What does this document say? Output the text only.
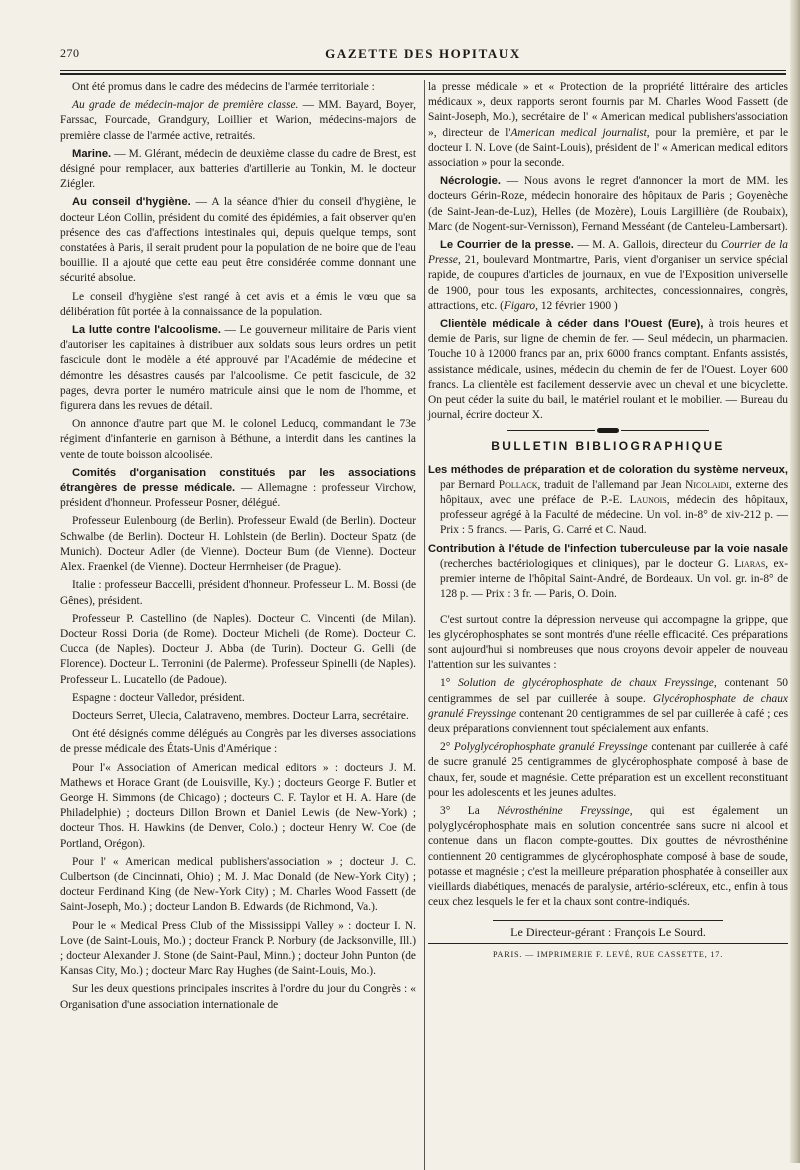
270	GAZETTE DES HOPITAUX

Ont été promus dans le cadre des médecins de l'armée territoriale :

Au grade de médecin-major de première classe. — MM. Bayard, Boyer, Farssac, Fourcade, Grandgury, Loillier et Warion, médecins-majors de première classe de l'armée active, retraités.

Marine. — M. Glérant, médecin de deuxième classe du cadre de Brest, est désigné pour remplacer, aux batteries d'artillerie au Tonkin, M. le docteur Ziégler.

Au conseil d'hygiène. — A la séance d'hier du conseil d'hygiène, le docteur Léon Collin, président du comité des épidémies, a fait observer qu'en présence des cas d'affections intestinales qui, depuis quelque temps, sont constatées à Paris, il serait prudent pour la population de ne boire que de l'eau bouillie. Il a ajouté que cette eau peut être considérée comme donnant une sécurité absolue.

Le conseil d'hygiène s'est rangé à cet avis et a émis le vœu que sa délibération fût portée à la connaissance de la population.

La lutte contre l'alcoolisme. — Le gouverneur militaire de Paris vient d'autoriser les capitaines à distribuer aux soldats sous leurs ordres un petit fascicule dont le modèle a été approuvé par l'Académie de médecine et démontre les désastres causés par l'alcoolisme. Ce petit fascicule, de 32 pages, devra porter le numéro matricule ainsi que le nom de l'homme, et figurera dans les revues de détail.

On annonce d'autre part que M. le colonel Leducq, commandant le 73e régiment d'infanterie en garnison à Béthune, a interdit dans les cantines la vente de toute boisson alcoolisée.

Comités d'organisation constitués par les associations étrangères de presse médicale. — Allemagne : professeur Virchow, président d'honneur. Professeur Posner, délégué.

Professeur Eulenbourg (de Berlin). Professeur Ewald (de Berlin). Docteur Schwalbe (de Berlin). Docteur H. Lohlstein (de Berlin). Docteur Spatz (de Munich). Docteur Adler (de Vienne). Docteur Bum (de Vienne). Docteur Alex. Fraenkel (de Vienne). Docteur Herrnheiser (de Prague).

Italie : professeur Baccelli, président d'honneur. Professeur L. M. Bossi (de Gênes), président.

Professeur P. Castellino (de Naples). Docteur C. Vincenti (de Milan). Docteur Rossi Doria (de Rome). Docteur Micheli (de Rome). Docteur C. Cucca (de Naples). Docteur J. Abba (de Turin). Docteur G. Gelli (de Florence). Docteur L. Terronini (de Palerme). Professeur Spinelli (de Naples). Professeur L. Lucatello (de Padoue).

Espagne : docteur Valledor, président.

Docteurs Serret, Ulecia, Calatraveno, membres. Docteur Larra, secrétaire.

Ont été désignés comme délégués au Congrès par les diverses associations de presse médicale des États-Unis d'Amérique :

Pour l'« Association of American medical editors » : docteurs J. M. Mathews et Horace Grant (de Louisville, Ky.) ; docteurs George F. Butler et George H. Simmons (de Chicago) ; docteurs C. F. Taylor et H. A. Hare (de Philadelphie) ; docteurs Dillon Brown et Daniel Lewis (de New-York) ; docteur Thos. H. Hawkins (de Denver, Colo.) ; docteur Henry W. Coe (de Portland, Orégon).

Pour l' « American medical publishers'association » ; docteur J. C. Culbertson (de Cincinnati, Ohio) ; M. J. Mac Donald (de New-York City) ; docteur Ferdinand King (de New-York City) ; M. Charles Wood Fassett (de Saint-Joseph, Mo.) ; docteur Landon B. Edwards (de Richmond, Va.).

Pour le « Medical Press Club of the Mississippi Valley » : docteur I. N. Love (de Saint-Louis, Mo.) ; docteur Franck P. Norbury (de Jacksonville, Ill.) ; docteur Alexander J. Stone (de Saint-Paul, Minn.) ; docteur John Punton (de Kansas City, Mo.) ; docteur Marc Ray Hughes (de Saint-Louis, Mo.).

Sur les deux questions principales inscrites à l'ordre du jour du Congrès : « Organisation d'une association internationale de

la presse médicale » et « Protection de la propriété littéraire des articles médicaux », deux rapports seront fournis par M. Charles Wood Fassett (de Saint-Joseph, Mo.), secrétaire de l' « American medical publishers'association », directeur de l'American medical journalist, pour la première, et par le docteur I. N. Love (de Saint-Louis), président de l' « American medical editors association » pour la seconde.

Nécrologie. — Nous avons le regret d'annoncer la mort de MM. les docteurs Gérin-Roze, médecin honoraire des hôpitaux de Paris ; Goyenèche (de Saint-Jean-de-Luz), Helles (de Mozère), Louis Largillière (de Roubaix), Marc (de Nogent-sur-Vernisson), Fernand Messéant (de Canteleu-Lambersart).

Le Courrier de la presse. — M. A. Gallois, directeur du Courrier de la Presse, 21, boulevard Montmartre, Paris, vient d'organiser un service spécial rapide, de coupures d'articles de journaux, en vue de l'Exposition universelle de 1900, pour tous les exposants, architectes, concessionnaires, congrès, attractions, etc. (Figaro, 12 février 1900 )

Clientèle médicale à céder dans l'Ouest (Eure), à trois heures et demie de Paris, sur ligne de chemin de fer. — Seul médecin, un pharmacien. Touche 10 à 12000 francs par an, prix 6000 francs comptant. Enfants assistés, assistance médicale, usines, médecin du chemin de fer de l'Ouest. Loyer 600 francs. La clientèle est facilement desservie avec un cheval et une bicyclette. On peut céder la suite du bail, le matériel roulant et le mobilier. — Bureau du journal, écrire docteur X.

BULLETIN BIBLIOGRAPHIQUE

Les méthodes de préparation et de coloration du système nerveux, par Bernard Pollack, traduit de l'allemand par Jean Nicolaidi, externe des hôpitaux, avec une préface de P.-E. Launois, médecin des hôpitaux, professeur agrégé à la Faculté de médecine. Un vol. in-8° de xiv-212 p. — Prix : 5 francs. — Paris, G. Carré et C. Naud.

Contribution à l'étude de l'infection tuberculeuse par la voie nasale (recherches bactériologiques et cliniques), par le docteur G. Liaras, ex-premier interne de l'hôpital Saint-André, de Bordeaux. Un vol. gr. in-8° de 128 p. — Prix : 3 fr. — Paris, O. Doin.

C'est surtout contre la dépression nerveuse qui accompagne la grippe, que les glycérophosphates se sont montrés d'une réelle efficacité. Ces préparations sont aujourd'hui si nombreuses que nous croyons devoir appeler de nouveau l'attention sur les suivantes :

1° Solution de glycérophosphate de chaux Freyssinge, contenant 50 centigrammes de sel par cuillerée à soupe. Glycérophosphate de chaux granulé Freyssinge contenant 20 centigrammes de sel par cuillerée à café ; ces deux préparations conviennent tout spécialement aux enfants.

2° Polyglycérophosphate granulé Freyssinge contenant par cuillerée à café de sucre granulé 25 centigrammes de glycérophosphate composé à base de chaux, fer, soude et magnésie. Cette préparation est un excellent reconstituant pour les adolescents et les jeunes adultes.

3° La Névrosthénine Freyssinge, qui est également un polyglycérophosphate mais en solution concentrée sans sucre ni alcool et contenue dans un flacon compte-gouttes. Dix gouttes de névrosthénine contiennent 20 centigrammes de glycérophosphate composé à base de soude, potasse et magnésie ; c'est la meilleure préparation phosphatée à conseiller aux vieillards diabétiques, menacés de paralysie, artério-scléreux, etc., enfin à tous ceux chez lesquels le fer et la chaux sont contre-indiqués.

Le Directeur-gérant : François Le Sourd.

PARIS. — IMPRIMERIE F. LEVÉ, RUE CASSETTE, 17.
